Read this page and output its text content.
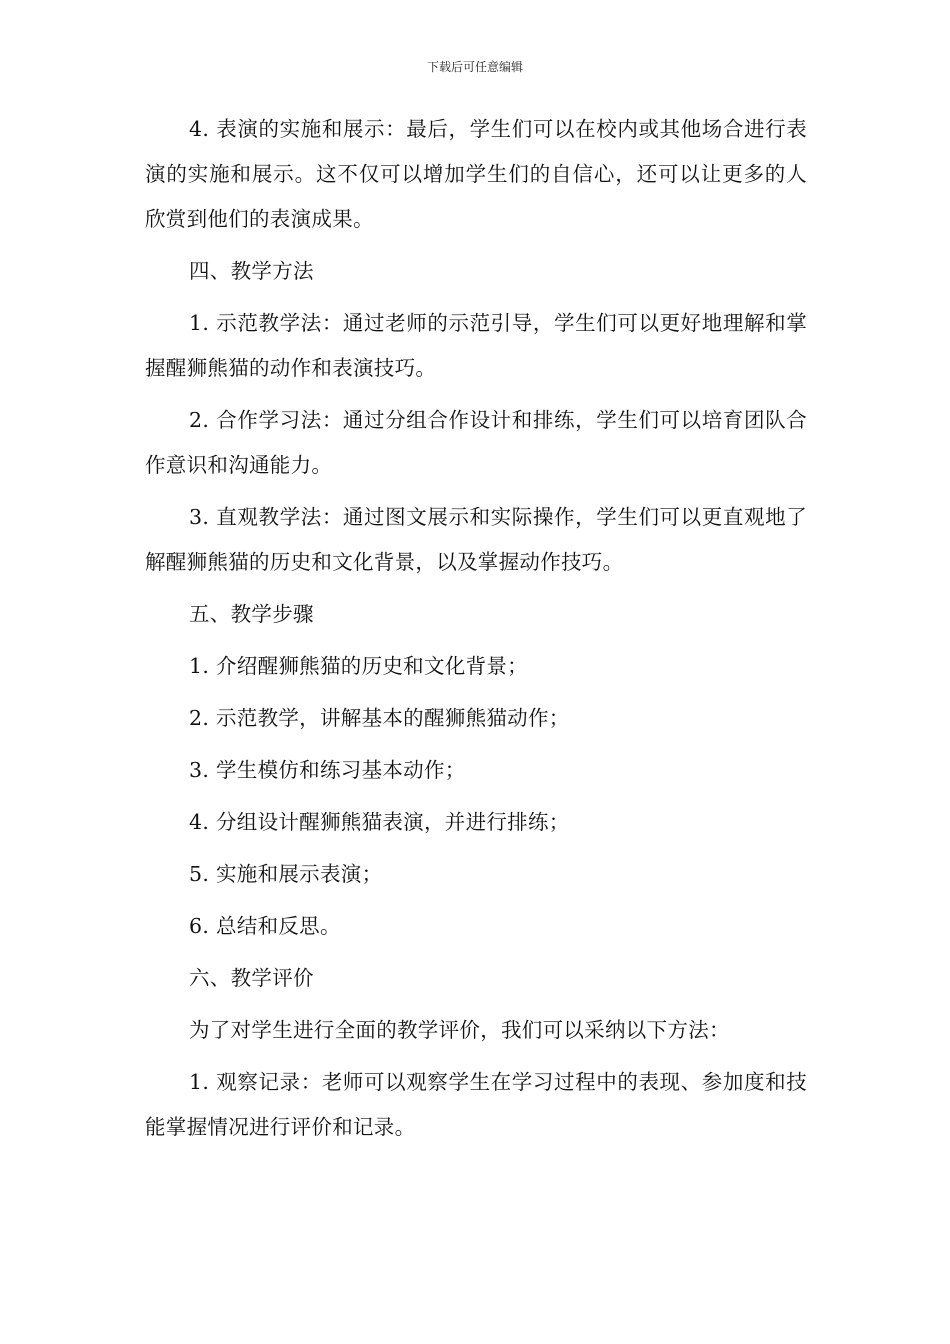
下载后可任意编辑

4. 表演的实施和展示：最后，学生们可以在校内或其他场合进行表演的实施和展示。这不仅可以增加学生们的自信心，还可以让更多的人欣赏到他们的表演成果。

四、教学方法

1. 示范教学法：通过老师的示范引导，学生们可以更好地理解和掌握醒狮熊猫的动作和表演技巧。

2. 合作学习法：通过分组合作设计和排练，学生们可以培育团队合作意识和沟通能力。

3. 直观教学法：通过图文展示和实际操作，学生们可以更直观地了解醒狮熊猫的历史和文化背景，以及掌握动作技巧。

五、教学步骤

1. 介绍醒狮熊猫的历史和文化背景；

2. 示范教学，讲解基本的醒狮熊猫动作；

3. 学生模仿和练习基本动作；

4. 分组设计醒狮熊猫表演，并进行排练；

5. 实施和展示表演；

6. 总结和反思。

六、教学评价

为了对学生进行全面的教学评价，我们可以采纳以下方法：

1. 观察记录：老师可以观察学生在学习过程中的表现、参加度和技能掌握情况进行评价和记录。
